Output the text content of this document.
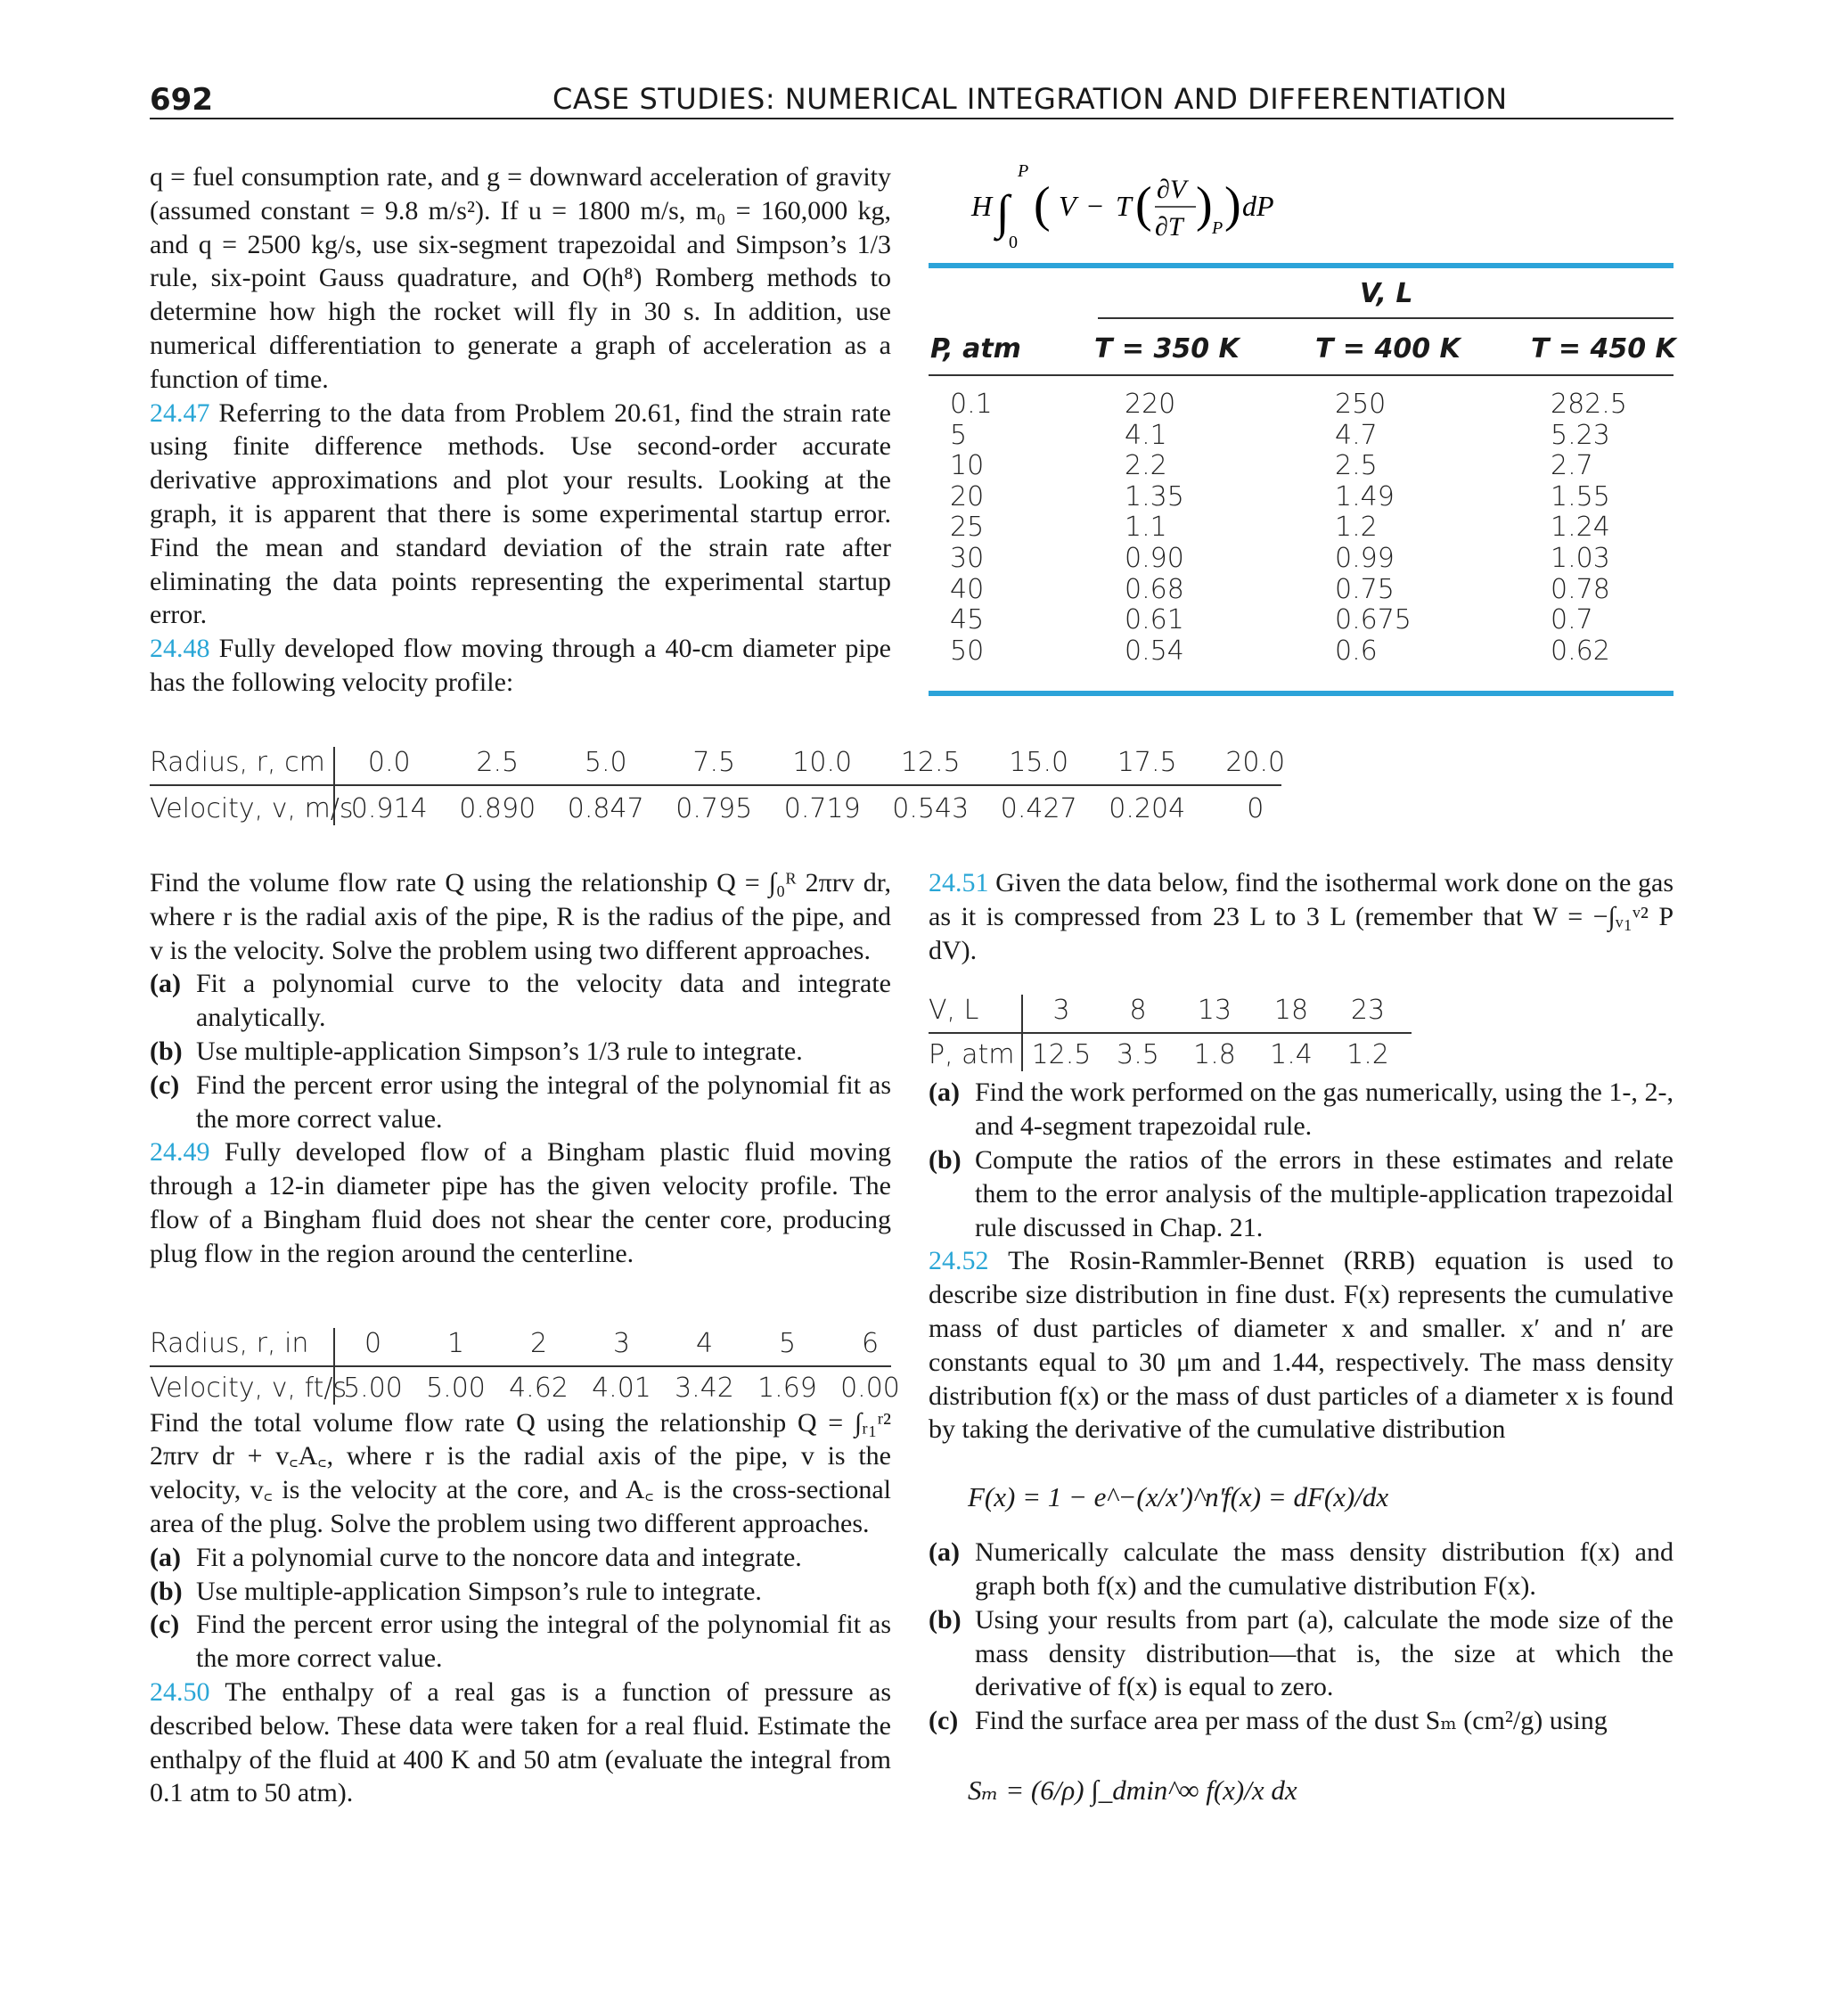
692	CASE STUDIES: NUMERICAL INTEGRATION AND DIFFERENTIATION

q = fuel consumption rate, and g = downward acceleration of gravity (assumed constant = 9.8 m/s²). If u = 1800 m/s, m₀ = 160,000 kg, and q = 2500 kg/s, use six-segment trapezoidal and Simpson’s 1/3 rule, six-point Gauss quadrature, and O(h⁸) Romberg methods to determine how high the rocket will fly in 30 s. In addition, use numerical differentiation to generate a graph of acceleration as a function of time.

24.47 Referring to the data from Problem 20.61, find the strain rate using finite difference methods. Use second-order accurate derivative approximations and plot your results. Looking at the graph, it is apparent that there is some experimental startup error. Find the mean and standard deviation of the strain rate after eliminating the data points representing the experimental startup error.

24.48 Fully developed flow moving through a 40-cm diameter pipe has the following velocity profile:

H ∫
P
0
( V − T ( ∂V
∂T ) P ) dP
V, L
P, atm	T = 350 K	T = 400 K	T = 450 K
0.1	220	250	282.5
5	4.1	4.7	5.23
10	2.2	2.5	2.7
20	1.35	1.49	1.55
25	1.1	1.2	1.24
30	0.90	0.99	1.03
40	0.68	0.75	0.78
45	0.61	0.675	0.7
50	0.54	0.6	0.62
Radius, r, cm
Velocity, v, m/s
0.0	2.5	5.0	7.5	10.0	12.5	15.0	17.5	20.0
0.914	0.890	0.847	0.795	0.719	0.543	0.427	0.204	0

Find the volume flow rate Q using the relationship Q = ∫₀ᴿ 2πrv dr, where r is the radial axis of the pipe, R is the radius of the pipe, and v is the velocity. Solve the problem using two different approaches.

(a) Fit a polynomial curve to the velocity data and integrate analytically.
(b) Use multiple-application Simpson’s 1/3 rule to integrate.
(c) Find the percent error using the integral of the polynomial fit as the more correct value.

24.49 Fully developed flow of a Bingham plastic fluid moving through a 12-in diameter pipe has the given velocity profile. The flow of a Bingham fluid does not shear the center core, producing plug flow in the region around the centerline.

Find the total volume flow rate Q using the relationship Q = ∫ᵣ₁ʳ² 2πrv dr + v꜀A꜀, where r is the radial axis of the pipe, v is the velocity, v꜀ is the velocity at the core, and A꜀ is the cross-sectional area of the plug. Solve the problem using two different approaches.

(a) Fit a polynomial curve to the noncore data and integrate.
(b) Use multiple-application Simpson’s rule to integrate.
(c) Find the percent error using the integral of the polynomial fit as the more correct value.

24.50 The enthalpy of a real gas is a function of pressure as described below. These data were taken for a real fluid. Estimate the enthalpy of the fluid at 400 K and 50 atm (evaluate the integral from 0.1 atm to 50 atm).

Radius, r, in
Velocity, v, ft/s
0	1	2	3	4	5	6
5.00 5.00 4.62 4.01 3.42 1.69 0.00

24.51 Given the data below, find the isothermal work done on the gas as it is compressed from 23 L to 3 L (remember that W = −∫ᵥ₁ᵛ² P dV).

(a) Find the work performed on the gas numerically, using the 1-, 2-, and 4-segment trapezoidal rule.
(b) Compute the ratios of the errors in these estimates and relate them to the error analysis of the multiple-application trapezoidal rule discussed in Chap. 21.

24.52 The Rosin-Rammler-Bennet (RRB) equation is used to describe size distribution in fine dust. F(x) represents the cumulative mass of dust particles of diameter x and smaller. x′ and n′ are constants equal to 30 μm and 1.44, respectively. The mass density distribution f(x) or the mass of dust particles of a diameter x is found by taking the derivative of the cumulative distribution

F(x) = 1 − e^−(x/x′)^n′
f(x) = dF(x)/dx
(a) Numerically calculate the mass density distribution f(x) and graph both f(x) and the cumulative distribution F(x).
(b) Using your results from part (a), calculate the mode size of the mass density distribution—that is, the size at which the derivative of f(x) is equal to zero.
(c) Find the surface area per mass of the dust Sₘ (cm²/g) using
Sₘ = (6/ρ) ∫_dmin^∞ f(x)/x dx
V, L
P, atm
3	8	13	18	23
12.5 3.5	1.8	1.4	1.2
